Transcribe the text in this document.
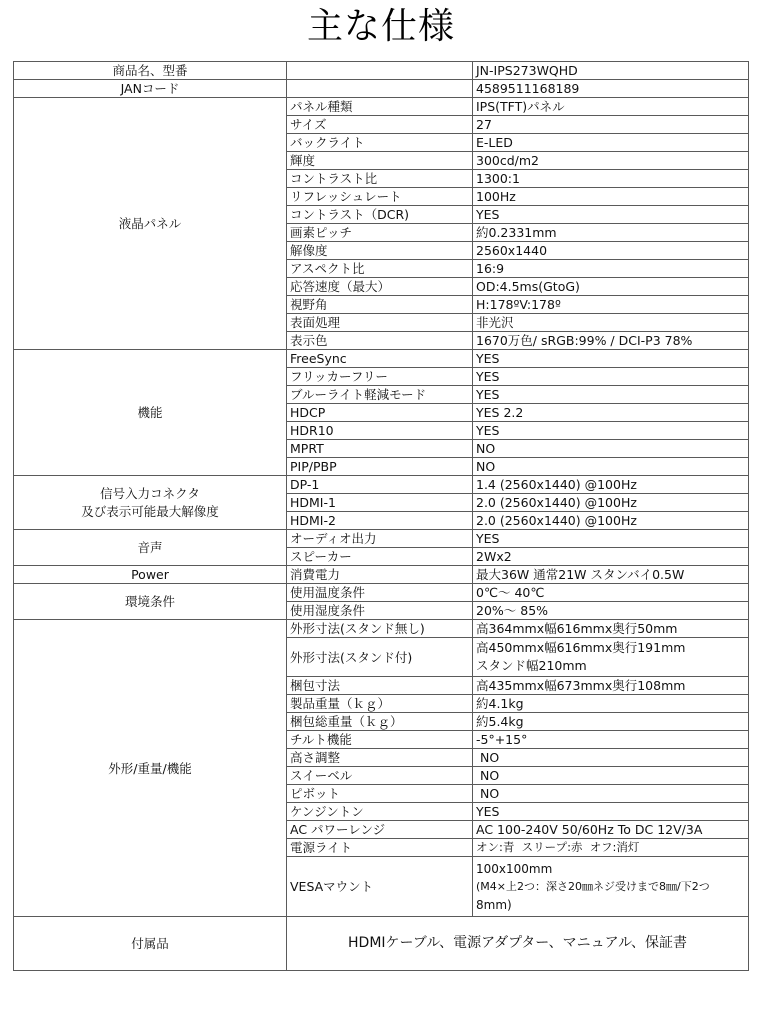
主な仕様
商品名、型番		JN-IPS273WQHD
JANコード		4589511168189
液晶パネル	パネル種類	IPS(TFT)パネル
	サイズ	27
	バックライト	E-LED
	輝度	300cd/m2
	コントラスト比	1300:1
	リフレッシュレート	100Hz
	コントラスト（DCR)	YES
	画素ピッチ	約0.2331mm
	解像度	2560x1440
	アスペクト比	16:9
	応答速度（最大）	OD:4.5ms(GtoG)
	視野角	H:178ºV:178º
	表面処理	非光沢
	表示色	1670万色/ sRGB:99% / DCI-P3 78%
機能	FreeSync	YES
	フリッカーフリー	YES
	ブルーライト軽減モード	YES
	HDCP	YES 2.2
	HDR10	YES
	MPRT	NO
	PIP/PBP	NO

信号入力コネクタ
及び表示可能最大解像度	DP-1	1.4 (2560x1440) @100Hz
	HDMI-1	2.0 (2560x1440) @100Hz
	HDMI-2	2.0 (2560x1440) @100Hz
音声	オーディオ出力	YES
	スピーカー	2Wx2
Power	消費電力	最大36W 通常21W スタンバイ0.5W
環境条件	使用温度条件	0℃～ 40℃
	使用湿度条件	20%～ 85%
外形/重量/機能	外形寸法(スタンド無し)	高364mmx幅616mmx奥行50mm
	外形寸法(スタンド付)	高450mmx幅616mmx奥行191mm
スタンド幅210mm

	梱包寸法	高435mmx幅673mmx奥行108mm
	製品重量（ｋｇ）	約4.1kg
	梱包総重量（ｋｇ）	約5.4kg
	チルト機能	-5°+15°
	高さ調整	NO
	スイーベル	NO
	ピボット	NO
	ケンジントン	YES
	AC パワーレンジ	AC 100-240V 50/60Hz To DC 12V/3A
	電源ライト	オン:青  スリープ:赤  オフ:消灯
	VESAマウント	100x100mm
(M4×上2つ：深さ20㎜ネジ受けまで8㎜/下2つ
8mm)

付属品	HDMIケーブル、電源アダプター、マニュアル、保証書	
